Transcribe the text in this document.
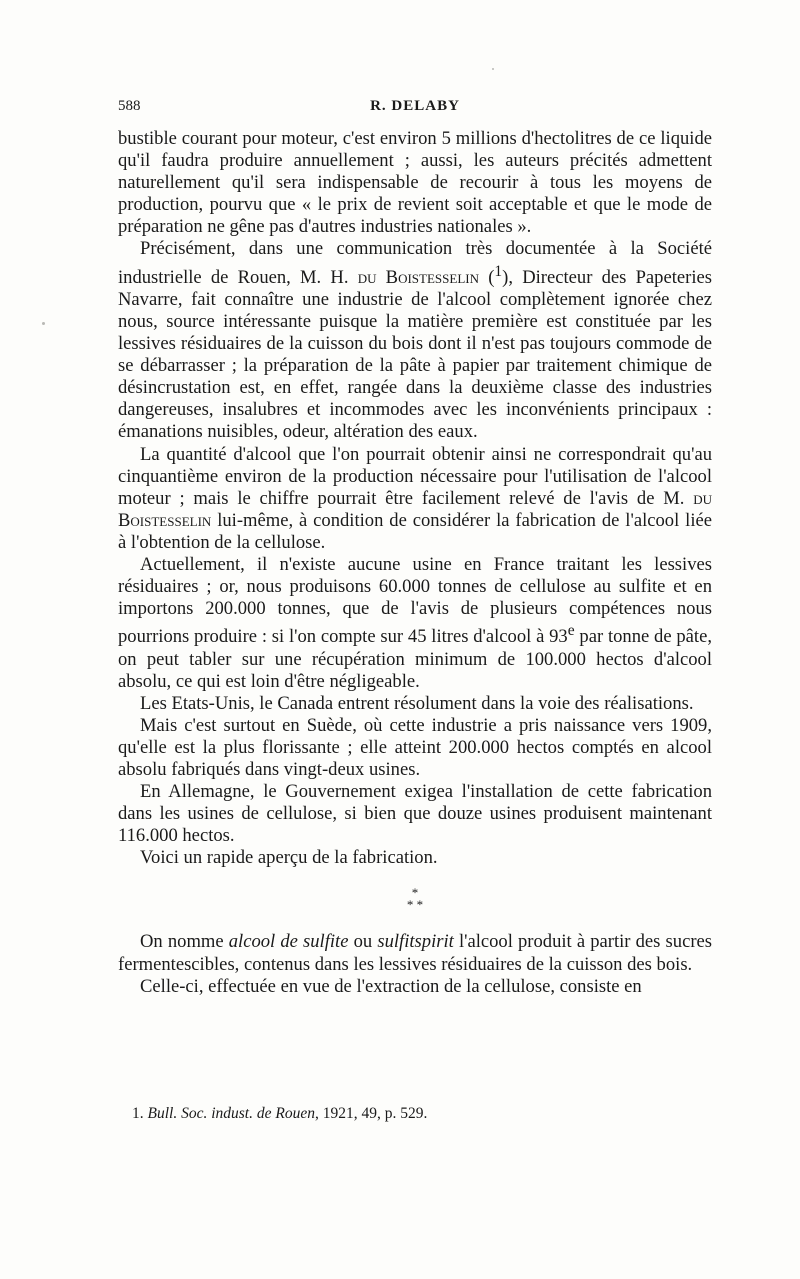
588	R. DELABY

bustible courant pour moteur, c'est environ 5 millions d'hectolitres de ce liquide qu'il faudra produire annuellement ; aussi, les auteurs précités admettent naturellement qu'il sera indispensable de recourir à tous les moyens de production, pourvu que « le prix de revient soit acceptable et que le mode de préparation ne gêne pas d'autres industries nationales ».

Précisément, dans une communication très documentée à la Société industrielle de Rouen, M. H. du Boistesselin ($^1$), Directeur des Papeteries Navarre, fait connaître une industrie de l'alcool complètement ignorée chez nous, source intéressante puisque la matière première est constituée par les lessives résiduaires de la cuisson du bois dont il n'est pas toujours commode de se débarrasser ; la préparation de la pâte à papier par traitement chimique de désincrustation est, en effet, rangée dans la deuxième classe des industries dangereuses, insalubres et incommodes avec les inconvénients principaux : émanations nuisibles, odeur, altération des eaux.

La quantité d'alcool que l'on pourrait obtenir ainsi ne correspondrait qu'au cinquantième environ de la production nécessaire pour l'utilisation de l'alcool moteur ; mais le chiffre pourrait être facilement relevé de l'avis de M. du Boistesselin lui-même, à condition de considérer la fabrication de l'alcool liée à l'obtention de la cellulose.

Actuellement, il n'existe aucune usine en France traitant les lessives résiduaires ; or, nous produisons 60.000 tonnes de cellulose au sulfite et en importons 200.000 tonnes, que de l'avis de plusieurs compétences nous pourrions produire : si l'on compte sur 45 litres d'alcool à 93e par tonne de pâte, on peut tabler sur une récupération minimum de 100.000 hectos d'alcool absolu, ce qui est loin d'être négligeable.

Les Etats-Unis, le Canada entrent résolument dans la voie des réalisations.

Mais c'est surtout en Suède, où cette industrie a pris naissance vers 1909, qu'elle est la plus florissante ; elle atteint 200.000 hectos comptés en alcool absolu fabriqués dans vingt-deux usines.

En Allemagne, le Gouvernement exigea l'installation de cette fabrication dans les usines de cellulose, si bien que douze usines produisent maintenant 116.000 hectos.

Voici un rapide aperçu de la fabrication.

*
* *

On nomme alcool de sulfite ou sulfitspirit l'alcool produit à partir des sucres fermentescibles, contenus dans les lessives résiduaires de la cuisson des bois.

Celle-ci, effectuée en vue de l'extraction de la cellulose, consiste en

1. Bull. Soc. indust. de Rouen, 1921, 49, p. 529.
